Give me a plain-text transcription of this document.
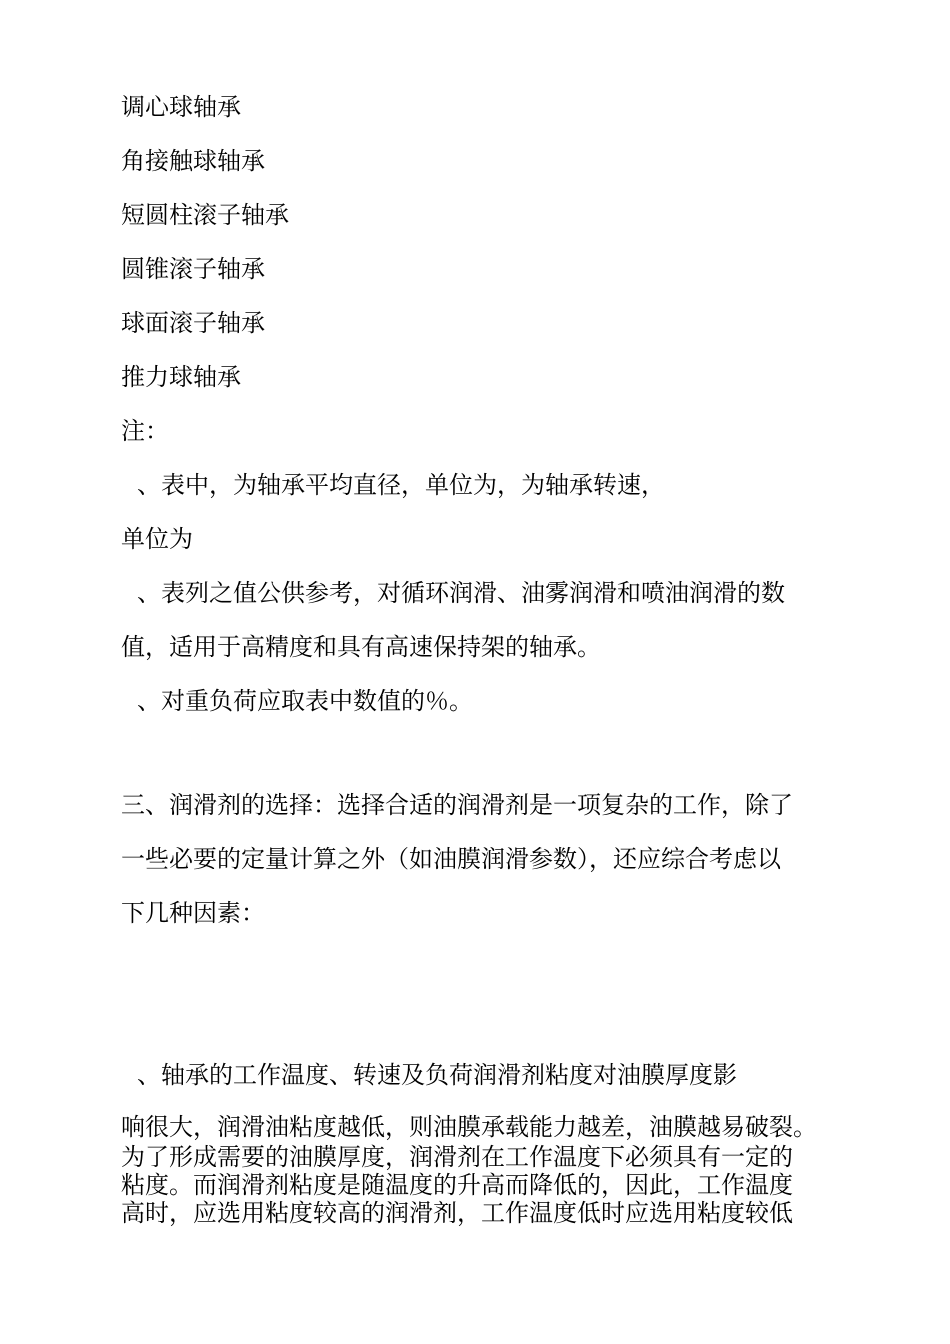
调心球轴承

角接触球轴承

短圆柱滚子轴承

圆锥滚子轴承

球面滚子轴承

推力球轴承

注：

、表中，为轴承平均直径，单位为，为轴承转速，

单位为

、表列之值公供参考，对循环润滑、油雾润滑和喷油润滑的数

值，适用于高精度和具有高速保持架的轴承。

、对重负荷应取表中数值的％。

三、润滑剂的选择：选择合适的润滑剂是一项复杂的工作，除了

一些必要的定量计算之外（如油膜润滑参数），还应综合考虑以

下几种因素：

、轴承的工作温度、转速及负荷润滑剂粘度对油膜厚度影

响很大，润滑油粘度越低，则油膜承载能力越差，油膜越易破裂。

为了形成需要的油膜厚度，润滑剂在工作温度下必须具有一定的

粘度。而润滑剂粘度是随温度的升高而降低的，因此，工作温度

高时，应选用粘度较高的润滑剂，工作温度低时应选用粘度较低
